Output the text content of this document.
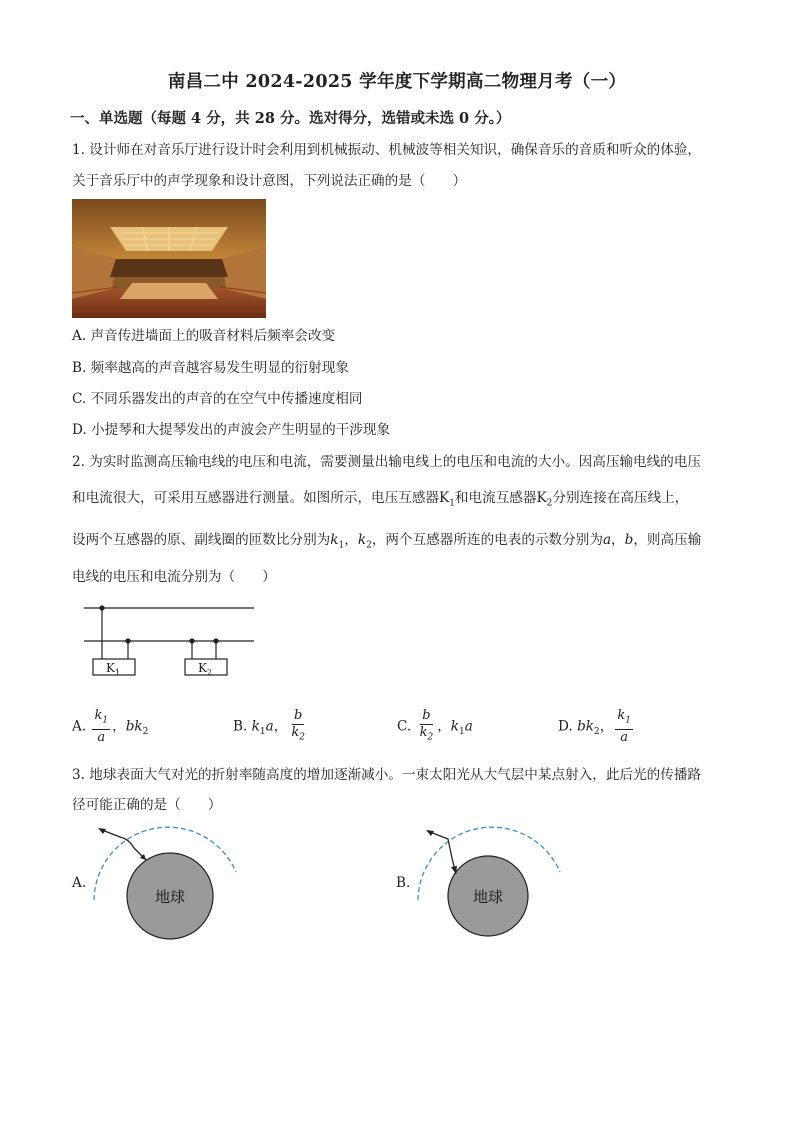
南昌二中 2024-2025 学年度下学期高二物理月考（一）
一、单选题（每题 4 分，共 28 分。选对得分，选错或未选 0 分。）
1. 设计师在对音乐厅进行设计时会利用到机械振动、机械波等相关知识，确保音乐的音质和听众的体验，
关于音乐厅中的声学现象和设计意图，下列说法正确的是（　　）
A. 声音传进墙面上的吸音材料后频率会改变
B. 频率越高的声音越容易发生明显的衍射现象
C. 不同乐器发出的声音的在空气中传播速度相同
D. 小提琴和大提琴发出的声波会产生明显的干涉现象
2. 为实时监测高压输电线的电压和电流，需要测量出输电线上的电压和电流的大小。因高压输电线的电压
和电流很大，可采用互感器进行测量。如图所示，电压互感器$K_1$和电流互感器$K_2$分别连接在高压线上，
设两个互感器的原、副线圈的匝数比分别为$k_1$，$k_2$，两个互感器所连的电表的示数分别为a，b，则高压输
电线的电压和电流分别为（　　）
$K_1$	$K_2$
A. $\frac{k_1}{a}$ ，$bk_2$	B. $k_1a$， $\frac{b}{k_2}$	C. $\frac{b}{k_2}$ ，$k_1a$	D. $bk_2$， $\frac{k_1}{a}$
3. 地球表面大气对光的折射率随高度的增加逐渐减小。一束太阳光从大气层中某点射入，此后光的传播路
径可能正确的是（　　）
A.
地球
B.
地球
